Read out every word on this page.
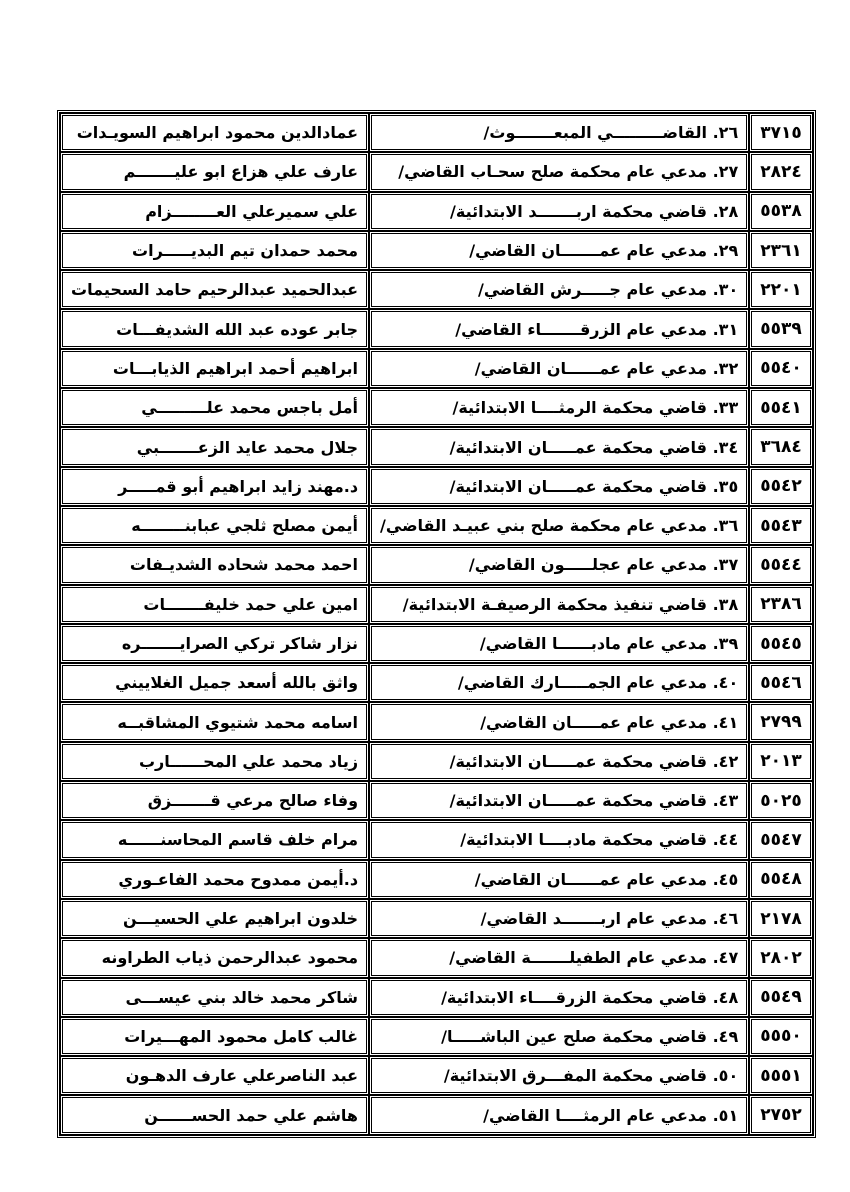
٣٧١٥	٢٦. القاضـــــــــي المبعـــــــوث/	عمادالدين محمود ابراهيم السويـدات
٢٨٢٤	٢٧. مدعي عام محكمة صلح سحـاب القاضي/	عارف علي هزاع ابو عليـــــــم
٥٥٣٨	٢٨. قاضي محكمة اربـــــــد الابتدائية/	علي سميرعلي العــــــــزام
٢٣٦١	٢٩. مدعي عام عمـــــــان القاضي/	محمد حمدان تيم البديـــــرات
٢٢٠١	٣٠. مدعي عام جـــــرش القاضي/	عبدالحميد عبدالرحيم حامد السحيمات
٥٥٣٩	٣١. مدعي عام الزرقـــــــاء القاضي/	جابر عوده عبد الله الشديفـــات
٥٥٤٠	٣٢. مدعي عام عمــــــان القاضي/	ابراهيم أحمد ابراهيم الذيابـــات
٥٥٤١	٣٣. قاضي محكمة الرمثــــا الابتدائية/	أمل باجس محمد علـــــــــي
٣٦٨٤	٣٤. قاضي محكمة عمـــــان الابتدائية/	جلال محمد عايد الزعـــــــبي
٥٥٤٢	٣٥. قاضي محكمة عمـــــان الابتدائية/	د.مهند زايد ابراهيم أبو قمـــــر
٥٥٤٣	٣٦. مدعي عام محكمة صلح بني عبيـد القاضي/	أيمن مصلح ثلجي عبابنــــــــه
٥٥٤٤	٣٧. مدعي عام عجلـــــون القاضي/	احمد محمد شحاده الشديـفات
٢٣٨٦	٣٨. قاضي تنفيذ محكمة الرصيفـة الابتدائية/	امين علي حمد خليفـــــــات
٥٥٤٥	٣٩. مدعي عام مادبــــــا القاضي/	نزار شاكر تركي الصرايـــــــره
٥٥٤٦	٤٠. مدعي عام الجمـــــارك القاضي/	واثق بالله أسعد جميل الغلاييني
٢٧٩٩	٤١. مدعي عام عمـــــان القاضي/	اسامه محمد شتيوي المشاقبــه
٢٠١٣	٤٢. قاضي محكمة عمـــــان الابتدائية/	زياد محمد علي المحــــــارب
٥٠٢٥	٤٣. قاضي محكمة عمـــــان الابتدائية/	وفاء صالح مرعي قـــــــزق
٥٥٤٧	٤٤. قاضي محكمة مادبــــا الابتدائية/	مرام خلف قاسم المحاسنــــــه
٥٥٤٨	٤٥. مدعي عام عمــــــان القاضي/	د.أيمن ممدوح محمد الفاعـوري
٢١٧٨	٤٦. مدعي عام اربـــــــد القاضي/	خلدون ابراهيم علي الحسيـــن
٢٨٠٢	٤٧. مدعي عام الطفيلـــــــة القاضي/	محمود عبدالرحمن ذياب الطراونه
٥٥٤٩	٤٨. قاضي محكمة الزرقــــاء الابتدائية/	شاكر محمد خالد بني عيســـى
٥٥٥٠	٤٩. قاضي محكمة صلح عين الباشـــــا/	غالب كامل محمود المهـــيرات
٥٥٥١	٥٠. قاضي محكمة المفـــرق الابتدائية/	عبد الناصرعلي عارف الدهـون
٢٧٥٢	٥١. مدعي عام الرمثــــا القاضي/	هاشم علي حمد الحســــــن
